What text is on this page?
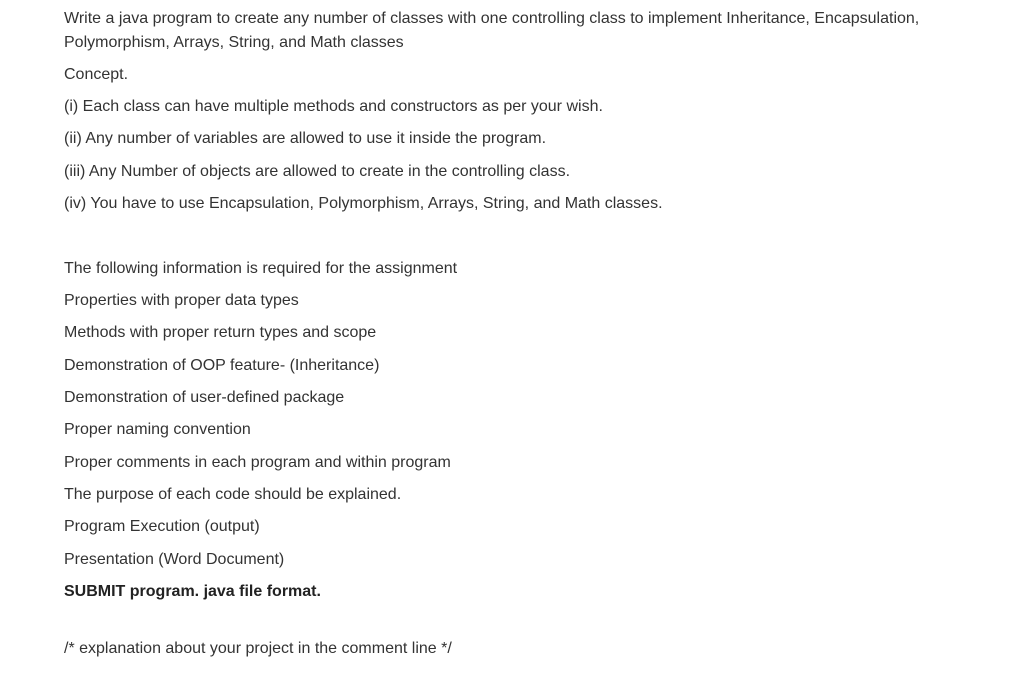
Write a java program to create any number of classes with one controlling class to implement Inheritance, Encapsulation, Polymorphism, Arrays, String, and Math classes
Concept.
(i) Each class can have multiple methods and constructors as per your wish.
(ii) Any number of variables are allowed to use it inside the program.
(iii) Any Number of objects are allowed to create in the controlling class.
(iv) You have to use Encapsulation, Polymorphism, Arrays, String, and Math classes.
The following information is required for the assignment
Properties with proper data types
Methods with proper return types and scope
Demonstration of OOP feature- (Inheritance)
Demonstration of user-defined package
Proper naming convention
Proper comments in each program and within program
The purpose of each code should be explained.
Program Execution (output)
Presentation (Word Document)
SUBMIT program. java file format.
/* explanation about your project in the comment line */
